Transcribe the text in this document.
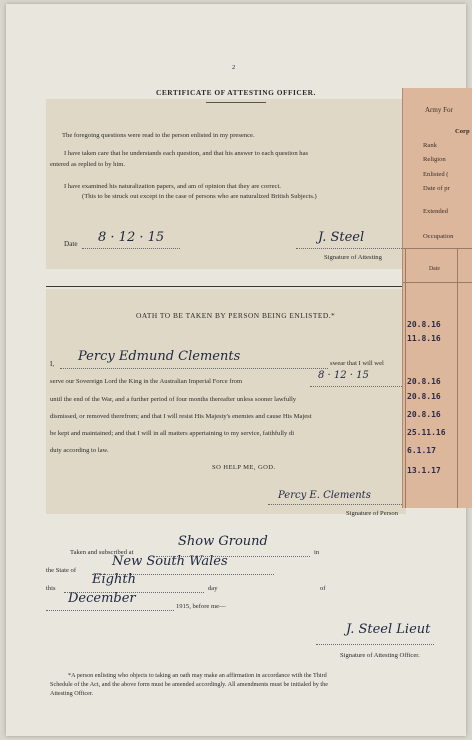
2
CERTIFICATE OF ATTESTING OFFICER.
The foregoing questions were read to the person enlisted in my presence.
I have taken care that he understands each question, and that his answer to each question has
entered as replied to by him.
I have examined his naturalization papers, and am of opinion that they are correct.
(This to be struck out except in the case of persons who are naturalized British Subjects.)
Date 8 · 12 · 15	J. Steel
Signature of Attesting
OATH TO BE TAKEN BY PERSON BEING ENLISTED.*
I, Percy Edmund Clements	swear that I will wel
serve our Sovereign Lord the King in the Australian Imperial Force from
8 · 12 · 15
until the end of the War, and a further period of four months thereafter unless sooner lawfully
dismissed, or removed therefrom; and that I will resist His Majesty's enemies and cause His Majest
be kept and maintained; and that I will in all matters appertaining to my service, faithfully di
duty according to law.
SO HELP ME, GOD.
Percy E. Clements
Signature of Person
Taken and subscribed at
Show Ground
in
the State of
New South Wales
this
Eighth
day	of
December
1915, before me—
J. Steel Lieut
Signature of Attesting Officer.
*A person enlisting who objects to taking an oath may make an affirmation in accordance with the Third
Schedule of the Act, and the above form must be amended accordingly. All amendments must be initialed by the
Attesting Officer.
Army For
Corp
Rank
Religion
Enlisted (
Date of pr
Extended
Occupation
Date
20.8.16
11.8.16
20.8.16
20.8.16
20.8.16
25.11.16
6.1.17
13.1.17
